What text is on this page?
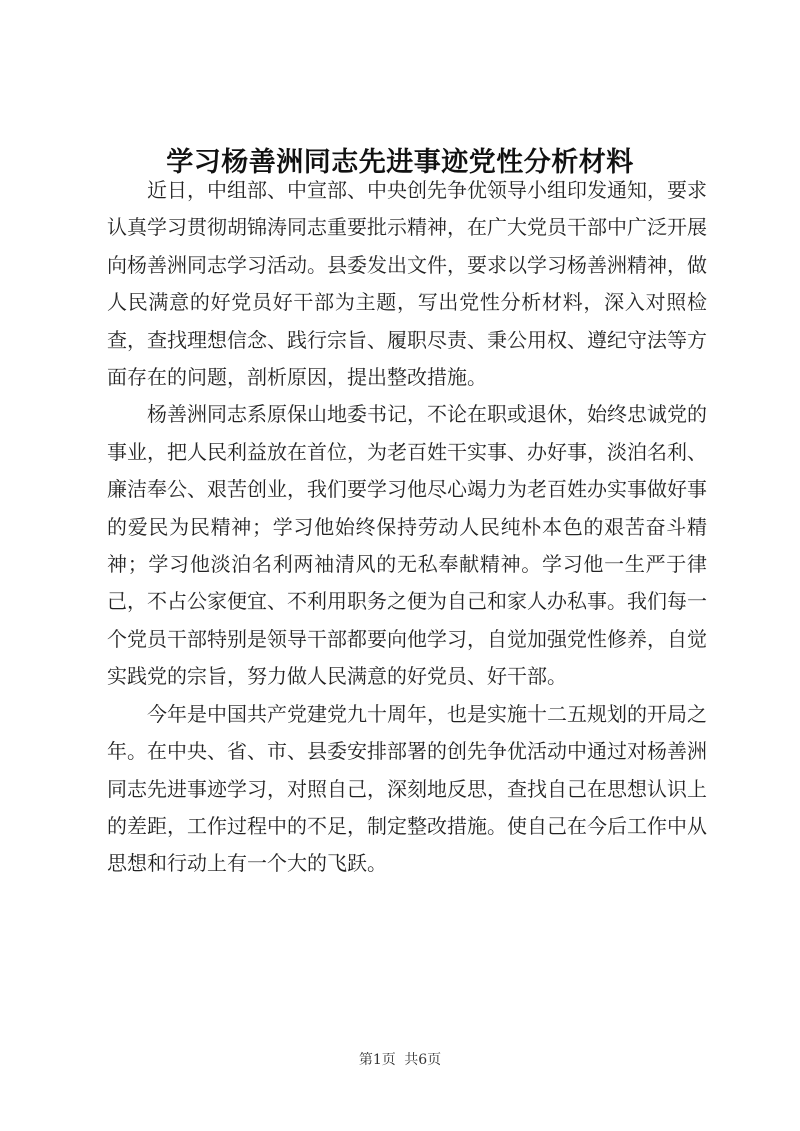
学习杨善洲同志先进事迹党性分析材料

近日，中组部、中宣部、中央创先争优领导小组印发通知，要求认真学习贯彻胡锦涛同志重要批示精神，在广大党员干部中广泛开展向杨善洲同志学习活动。县委发出文件，要求以学习杨善洲精神，做人民满意的好党员好干部为主题，写出党性分析材料，深入对照检查，查找理想信念、践行宗旨、履职尽责、秉公用权、遵纪守法等方面存在的问题，剖析原因，提出整改措施。

杨善洲同志系原保山地委书记，不论在职或退休，始终忠诚党的事业，把人民利益放在首位，为老百姓干实事、办好事，淡泊名利、廉洁奉公、艰苦创业，我们要学习他尽心竭力为老百姓办实事做好事的爱民为民精神；学习他始终保持劳动人民纯朴本色的艰苦奋斗精神；学习他淡泊名利两袖清风的无私奉献精神。学习他一生严于律己，不占公家便宜、不利用职务之便为自己和家人办私事。我们每一个党员干部特别是领导干部都要向他学习，自觉加强党性修养，自觉实践党的宗旨，努力做人民满意的好党员、好干部。

今年是中国共产党建党九十周年，也是实施十二五规划的开局之年。在中央、省、市、县委安排部署的创先争优活动中通过对杨善洲同志先进事迹学习，对照自己，深刻地反思，查找自己在思想认识上的差距，工作过程中的不足，制定整改措施。使自己在今后工作中从思想和行动上有一个大的飞跃。

第1页 共6页
